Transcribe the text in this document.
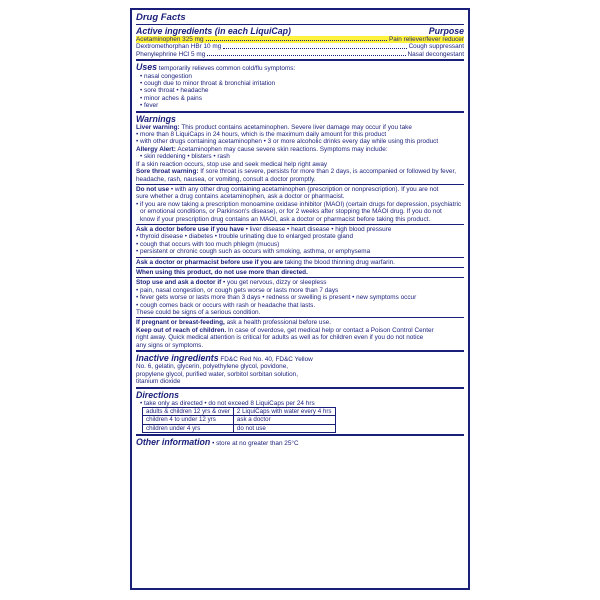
Drug Facts
Active ingredients (in each LiquiCap)	Purpose
Acetaminophen 325 mg	Pain reliever/fever reducer
Dextromethorphan HBr 10 mg	Cough suppressant
Phenylephrine HCl 5 mg	Nasal decongestant
Uses temporarily relieves common cold/flu symptoms:
• nasal congestion
• cough due to minor throat & bronchial irritation
• sore throat • headache
• minor aches & pains
• fever
Warnings
Liver warning: This product contains acetaminophen. Severe liver damage may occur if you take
• more than 8 LiquiCaps in 24 hours, which is the maximum daily amount for this product
• with other drugs containing acetaminophen • 3 or more alcoholic drinks every day while using this product
Allergy Alert: Acetaminophen may cause severe skin reactions. Symptoms may include:
• skin reddening • blisters • rash
If a skin reaction occurs, stop use and seek medical help right away
Sore throat warning: If sore throat is severe, persists for more than 2 days, is accompanied or followed by fever,
headache, rash, nausea, or vomiting, consult a doctor promptly.
Do not use • with any other drug containing acetaminophen (prescription or nonprescription). If you are not
sure whether a drug contains acetaminophen, ask a doctor or pharmacist.
• if you are now taking a prescription monoamine oxidase inhibitor (MAOI) (certain drugs for depression, psychiatric
or emotional conditions, or Parkinson's disease), or for 2 weeks after stopping the MAOI drug. If you do not
know if your prescription drug contains an MAOI, ask a doctor or pharmacist before taking this product.
Ask a doctor before use if you have • liver disease • heart disease • high blood pressure
• thyroid disease • diabetes • trouble urinating due to enlarged prostate gland
• cough that occurs with too much phlegm (mucus)
• persistent or chronic cough such as occurs with smoking, asthma, or emphysema
Ask a doctor or pharmacist before use if you are taking the blood thinning drug warfarin.
When using this product, do not use more than directed.
Stop use and ask a doctor if • you get nervous, dizzy or sleepless
• pain, nasal congestion, or cough gets worse or lasts more than 7 days
• fever gets worse or lasts more than 3 days • redness or swelling is present • new symptoms occur
• cough comes back or occurs with rash or headache that lasts.
These could be signs of a serious condition.
If pregnant or breast-feeding, ask a health professional before use.
Keep out of reach of children. In case of overdose, get medical help or contact a Poison Control Center
right away. Quick medical attention is critical for adults as well as for children even if you do not notice
any signs or symptoms.
Inactive ingredients FD&C Red No. 40, FD&C Yellow
No. 6, gelatin, glycerin, polyethylene glycol, povidone,
propylene glycol, purified water, sorbitol sorbitan solution,
titanium dioxide
Directions
• take only as directed • do not exceed 8 LiquiCaps per 24 hrs
adults & children 12 yrs & over	2 LiquiCaps with water every 4 hrs
children 4 to under 12 yrs	ask a doctor
children under 4 yrs	do not use
Other information • store at no greater than 25°C
